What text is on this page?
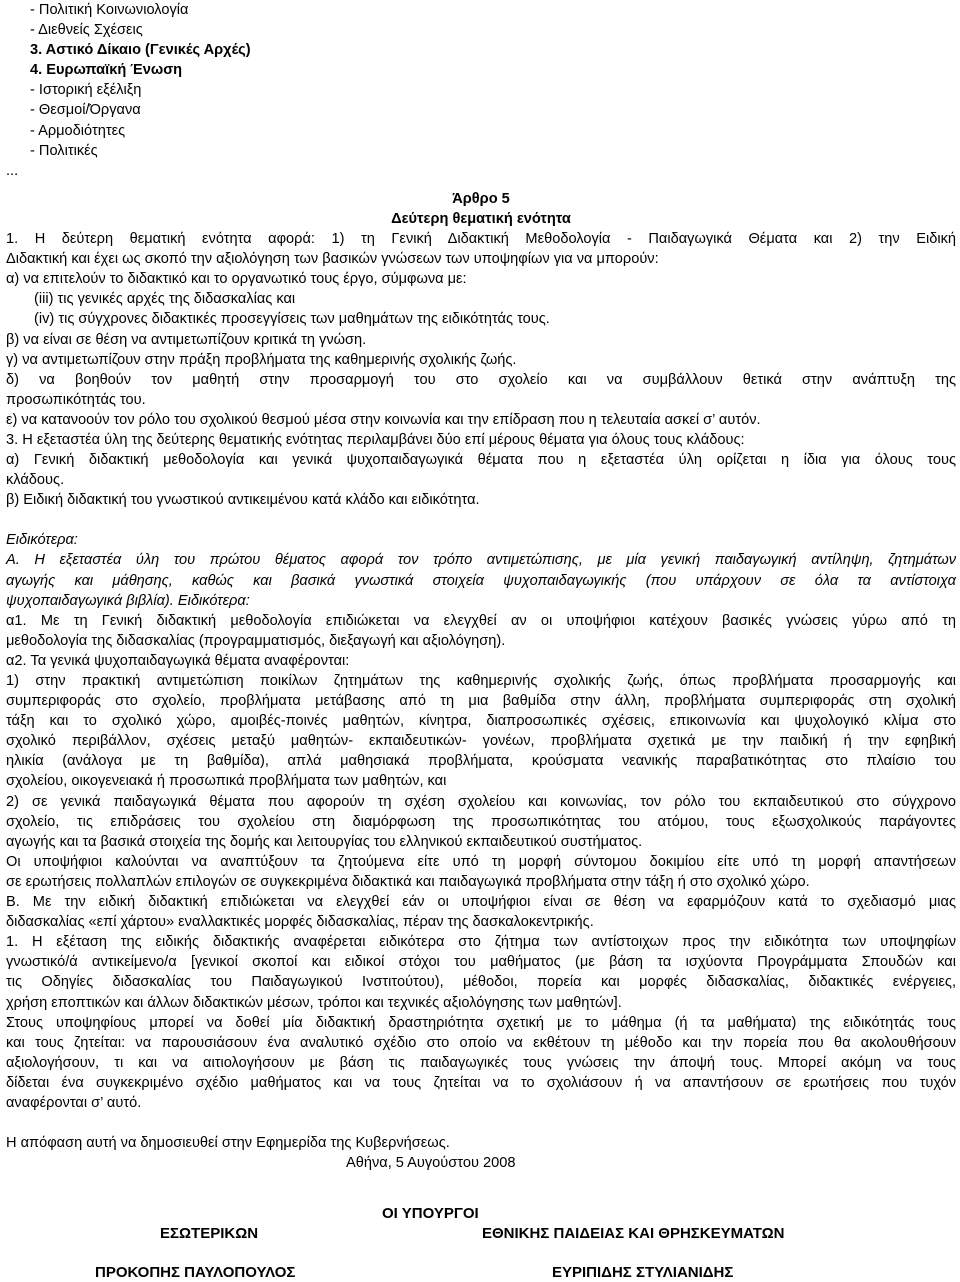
- Πολιτική Κοινωνιολογία
- Διεθνείς Σχέσεις
3. Αστικό Δίκαιο (Γενικές Αρχές)
4. Ευρωπαϊκή Ένωση
- Ιστορική εξέλιξη
- Θεσμοί/Όργανα
- Αρμοδιότητες
- Πολιτικές
...
Άρθρο 5
Δεύτερη θεματική ενότητα
1. Η δεύτερη θεματική ενότητα αφορά: 1) τη Γενική Διδακτική Μεθοδολογία - Παιδαγωγικά Θέματα και 2) την Ειδική
Διδακτική και έχει ως σκοπό την αξιολόγηση των βασικών γνώσεων των υποψηφίων για να μπορούν:
α) να επιτελούν το διδακτικό και το οργανωτικό τους έργο, σύμφωνα με:
(iii) τις γενικές αρχές της διδασκαλίας και
(iv) τις σύγχρονες διδακτικές προσεγγίσεις των μαθημάτων της ειδικότητάς τους.
β) να είναι σε θέση να αντιμετωπίζουν κριτικά τη γνώση.
γ) να αντιμετωπίζουν στην πράξη προβλήματα της καθημερινής σχολικής ζωής.
δ) να βοηθούν τον μαθητή στην προσαρμογή του στο σχολείο και να συμβάλλουν θετικά στην ανάπτυξη της
προσωπικότητάς του.
ε) να κατανοούν τον ρόλο του σχολικού θεσμού μέσα στην κοινωνία και την επίδραση που η τελευταία ασκεί σ’ αυτόν.
3. Η εξεταστέα ύλη της δεύτερης θεματικής ενότητας περιλαμβάνει δύο επί μέρους θέματα για όλους τους κλάδους:
α) Γενική διδακτική μεθοδολογία και γενικά ψυχοπαιδαγωγικά θέματα που η εξεταστέα ύλη ορίζεται η ίδια για όλους τους
κλάδους.
β) Ειδική διδακτική του γνωστικού αντικειμένου κατά κλάδο και ειδικότητα.
Ειδικότερα:
Α. Η εξεταστέα ύλη του πρώτου θέματος αφορά τον τρόπο αντιμετώπισης, με μία γενική παιδαγωγική αντίληψη, ζητημάτων
αγωγής και μάθησης, καθώς και βασικά γνωστικά στοιχεία ψυχοπαιδαγωγικής (που υπάρχουν σε όλα τα αντίστοιχα
ψυχοπαιδαγωγικά βιβλία). Ειδικότερα:
α1. Με τη Γενική διδακτική μεθοδολογία επιδιώκεται να ελεγχθεί αν οι υποψήφιοι κατέχουν βασικές γνώσεις γύρω από τη
μεθοδολογία της διδασκαλίας (προγραμματισμός, διεξαγωγή και αξιολόγηση).
α2. Τα γενικά ψυχοπαιδαγωγικά θέματα αναφέρονται:
1) στην πρακτική αντιμετώπιση ποικίλων ζητημάτων της καθημερινής σχολικής ζωής, όπως προβλήματα προσαρμογής και
συμπεριφοράς στο σχολείο, προβλήματα μετάβασης από τη μια βαθμίδα στην άλλη, προβλήματα συμπεριφοράς στη σχολική
τάξη και το σχολικό χώρο, αμοιβές-ποινές μαθητών, κίνητρα, διαπροσωπικές σχέσεις, επικοινωνία και ψυχολογικό κλίμα στο
σχολικό περιβάλλον, σχέσεις μεταξύ μαθητών- εκπαιδευτικών- γονέων, προβλήματα σχετικά με την παιδική ή την εφηβική
ηλικία (ανάλογα με τη βαθμίδα), απλά μαθησιακά προβλήματα, κρούσματα νεανικής παραβατικότητας στο πλαίσιο του
σχολείου, οικογενειακά ή προσωπικά προβλήματα των μαθητών, και
2) σε γενικά παιδαγωγικά θέματα που αφορούν τη σχέση σχολείου και κοινωνίας, τον ρόλο του εκπαιδευτικού στο σύγχρονο
σχολείο, τις επιδράσεις του σχολείου στη διαμόρφωση της προσωπικότητας του ατόμου, τους εξωσχολικούς παράγοντες
αγωγής και τα βασικά στοιχεία της δομής και λειτουργίας του ελληνικού εκπαιδευτικού συστήματος.
Οι υποψήφιοι καλούνται να αναπτύξουν τα ζητούμενα είτε υπό τη μορφή σύντομου δοκιμίου είτε υπό τη μορφή απαντήσεων
σε ερωτήσεις πολλαπλών επιλογών σε συγκεκριμένα διδακτικά και παιδαγωγικά προβλήματα στην τάξη ή στο σχολικό χώρο.
Β. Με την ειδική διδακτική επιδιώκεται να ελεγχθεί εάν οι υποψήφιοι είναι σε θέση να εφαρμόζουν κατά το σχεδιασμό μιας
διδασκαλίας «επί χάρτου» εναλλακτικές μορφές διδασκαλίας, πέραν της δασκαλοκεντρικής.
1. Η εξέταση της ειδικής διδακτικής αναφέρεται ειδικότερα στο ζήτημα των αντίστοιχων προς την ειδικότητα των υποψηφίων
γνωστικό/ά αντικείμενο/α [γενικοί σκοποί και ειδικοί στόχοι του μαθήματος (με βάση τα ισχύοντα Προγράμματα Σπουδών και
τις Οδηγίες διδασκαλίας του Παιδαγωγικού Ινστιτούτου), μέθοδοι, πορεία και μορφές διδασκαλίας, διδακτικές ενέργειες,
χρήση εποπτικών και άλλων διδακτικών μέσων, τρόποι και τεχνικές αξιολόγησης των μαθητών].
Στους υποψηφίους μπορεί να δοθεί μία διδακτική δραστηριότητα σχετική με το μάθημα (ή τα μαθήματα) της ειδικότητάς τους
και τους ζητείται: να παρουσιάσουν ένα αναλυτικό σχέδιο στο οποίο να εκθέτουν τη μέθοδο και την πορεία που θα ακολουθήσουν
αξιολογήσουν, τι και να αιτιολογήσουν με βάση τις παιδαγωγικές τους γνώσεις την άποψή τους. Μπορεί ακόμη να τους
δίδεται ένα συγκεκριμένο σχέδιο μαθήματος και να τους ζητείται να το σχολιάσουν ή να απαντήσουν σε ερωτήσεις που τυχόν
αναφέρονται σ’ αυτό.
Η απόφαση αυτή να δημοσιευθεί στην Εφημερίδα της Κυβερνήσεως.
Αθήνα, 5 Αυγούστου 2008
ΟΙ ΥΠΟΥΡΓΟΙ
ΕΣΩΤΕΡΙΚΩΝ	ΕΘΝΙΚΗΣ ΠΑΙΔΕΙΑΣ ΚΑΙ ΘΡΗΣΚΕΥΜΑΤΩΝ
ΠΡΟΚΟΠΗΣ ΠΑΥΛΟΠΟΥΛΟΣ	ΕΥΡΙΠΙΔΗΣ ΣΤΥΛΙΑΝΙΔΗΣ
